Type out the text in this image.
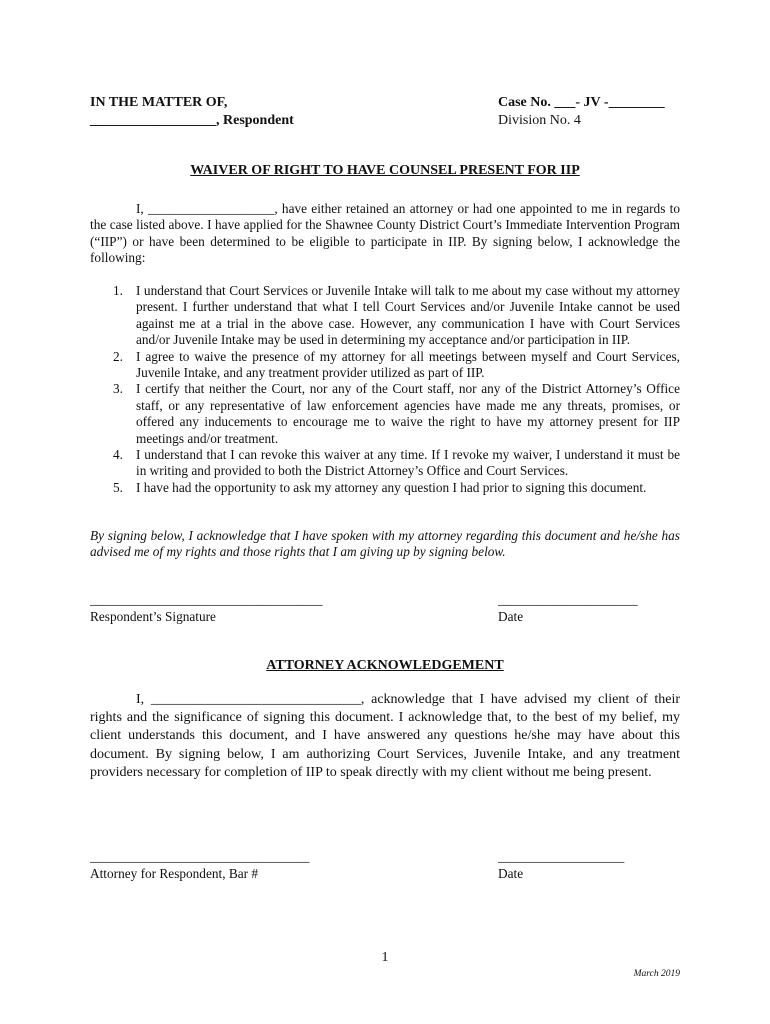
IN THE MATTER OF,
__________________, Respondent
Case No. ___- JV -________
Division No. 4
WAIVER OF RIGHT TO HAVE COUNSEL PRESENT FOR IIP
I, ___________________, have either retained an attorney or had one appointed to me in regards to the case listed above. I have applied for the Shawnee County District Court’s Immediate Intervention Program (“IIP”) or have been determined to be eligible to participate in IIP. By signing below, I acknowledge the following:
1. I understand that Court Services or Juvenile Intake will talk to me about my case without my attorney present. I further understand that what I tell Court Services and/or Juvenile Intake cannot be used against me at a trial in the above case. However, any communication I have with Court Services and/or Juvenile Intake may be used in determining my acceptance and/or participation in IIP.
2. I agree to waive the presence of my attorney for all meetings between myself and Court Services, Juvenile Intake, and any treatment provider utilized as part of IIP.
3. I certify that neither the Court, nor any of the Court staff, nor any of the District Attorney’s Office staff, or any representative of law enforcement agencies have made me any threats, promises, or offered any inducements to encourage me to waive the right to have my attorney present for IIP meetings and/or treatment.
4. I understand that I can revoke this waiver at any time. If I revoke my waiver, I understand it must be in writing and provided to both the District Attorney’s Office and Court Services.
5. I have had the opportunity to ask my attorney any question I had prior to signing this document.
By signing below, I acknowledge that I have spoken with my attorney regarding this document and he/she has advised me of my rights and those rights that I am giving up by signing below.
___________________________________
Respondent’s Signature
_____________________
Date
ATTORNEY ACKNOWLEDGEMENT
I, ______________________________, acknowledge that I have advised my client of their rights and the significance of signing this document. I acknowledge that, to the best of my belief, my client understands this document, and I have answered any questions he/she may have about this document. By signing below, I am authorizing Court Services, Juvenile Intake, and any treatment providers necessary for completion of IIP to speak directly with my client without me being present.
_________________________________
Attorney for Respondent, Bar #
___________________
Date
1
March 2019
